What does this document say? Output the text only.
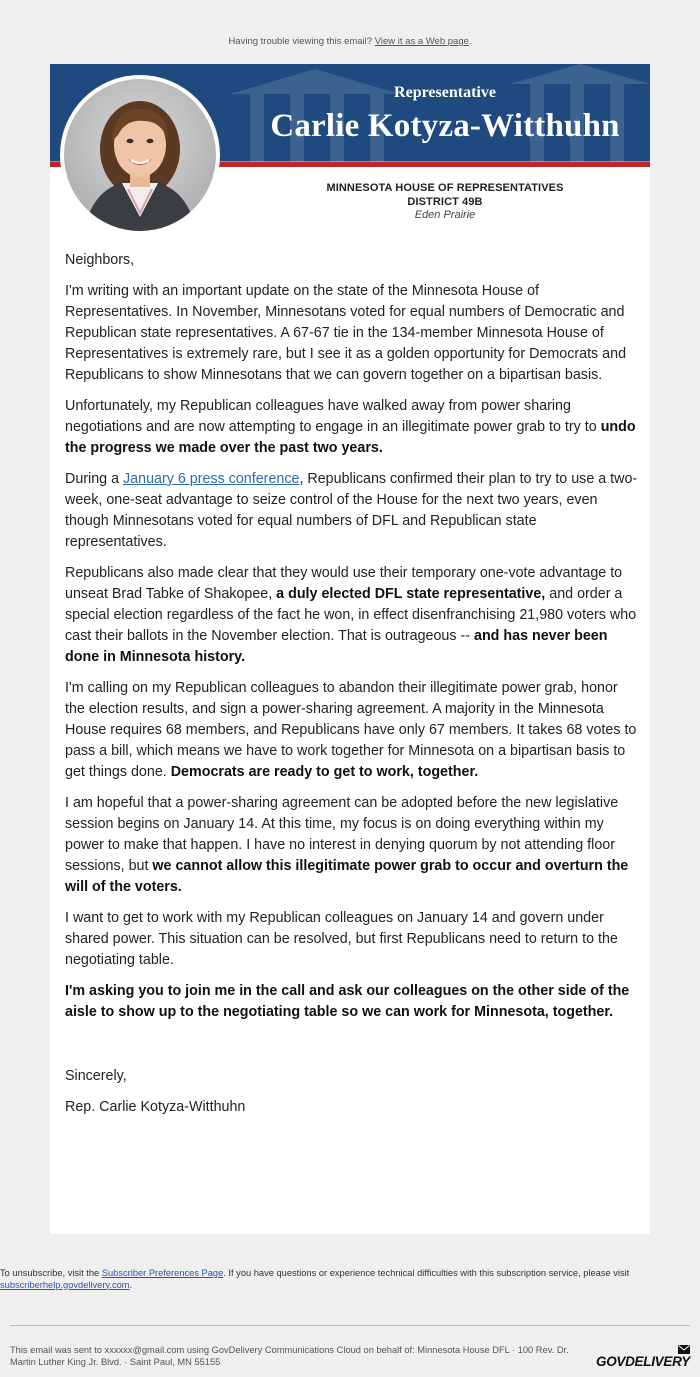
Having trouble viewing this email? View it as a Web page.
Representative
Carlie Kotyza-Witthuhn
MINNESOTA HOUSE OF REPRESENTATIVES
DISTRICT 49B
Eden Prairie

Neighbors,

I'm writing with an important update on the state of the Minnesota House of Representatives. In November, Minnesotans voted for equal numbers of Democratic and Republican state representatives. A 67-67 tie in the 134-member Minnesota House of Representatives is extremely rare, but I see it as a golden opportunity for Democrats and Republicans to show Minnesotans that we can govern together on a bipartisan basis.

Unfortunately, my Republican colleagues have walked away from power sharing negotiations and are now attempting to engage in an illegitimate power grab to try to undo the progress we made over the past two years.

During a January 6 press conference, Republicans confirmed their plan to try to use a two-week, one-seat advantage to seize control of the House for the next two years, even though Minnesotans voted for equal numbers of DFL and Republican state representatives.

Republicans also made clear that they would use their temporary one-vote advantage to unseat Brad Tabke of Shakopee, a duly elected DFL state representative, and order a special election regardless of the fact he won, in effect disenfranchising 21,980 voters who cast their ballots in the November election. That is outrageous -- and has never been done in Minnesota history.

I'm calling on my Republican colleagues to abandon their illegitimate power grab, honor the election results, and sign a power-sharing agreement. A majority in the Minnesota House requires 68 members, and Republicans have only 67 members. It takes 68 votes to pass a bill, which means we have to work together for Minnesota on a bipartisan basis to get things done. Democrats are ready to get to work, together.

I am hopeful that a power-sharing agreement can be adopted before the new legislative session begins on January 14. At this time, my focus is on doing everything within my power to make that happen. I have no interest in denying quorum by not attending floor sessions, but we cannot allow this illegitimate power grab to occur and overturn the will of the voters.

I want to get to work with my Republican colleagues on January 14 and govern under shared power. This situation can be resolved, but first Republicans need to return to the negotiating table.

I'm asking you to join me in the call and ask our colleagues on the other side of the aisle to show up to the negotiating table so we can work for Minnesota, together.

Sincerely,

Rep. Carlie Kotyza-Witthuhn

To unsubscribe, visit the Subscriber Preferences Page. If you have questions or experience technical difficulties with this subscription service, please visit subscriberhelp.govdelivery.com.
This email was sent to xxxxxx@gmail.com using GovDelivery Communications Cloud on behalf of: Minnesota House DFL · 100 Rev. Dr. Martin Luther King Jr. Blvd. · Saint Paul, MN 55155	GOVDELIVERY
